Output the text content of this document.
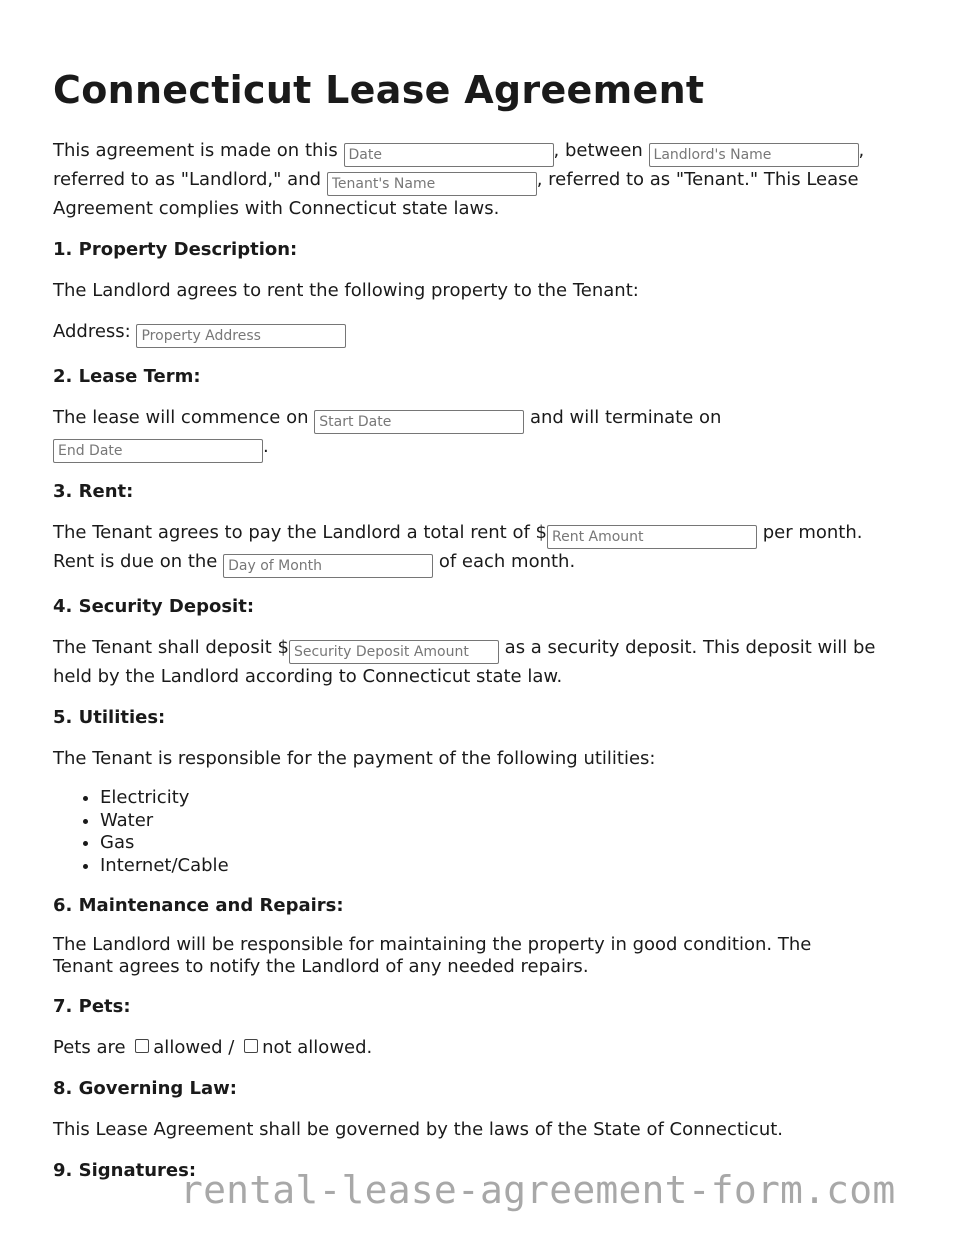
Connecticut Lease Agreement

This agreement is made on this Date	, between Landlord's Name	,
referred to as "Landlord," and Tenant's Name	, referred to as "Tenant." This Lease
Agreement complies with Connecticut state laws.

1. Property Description:

The Landlord agrees to rent the following property to the Tenant:

Address: Property Address

2. Lease Term:

The lease will commence on Start Date	and will terminate on
End Date.

3. Rent:

The Tenant agrees to pay the Landlord a total rent of $Rent Amount	per month.
Rent is due on the Day of Month	of each month.

4. Security Deposit:

The Tenant shall deposit $Security Deposit Amount	as a security deposit. This deposit will be
held by the Landlord according to Connecticut state law.

5. Utilities:

The Tenant is responsible for the payment of the following utilities:

• Electricity
• Water
• Gas
• Internet/Cable
6. Maintenance and Repairs:

The Landlord will be responsible for maintaining the property in good condition. The
Tenant agrees to notify the Landlord of any needed repairs.

7. Pets:

Pets are allowed / not allowed.

8. Governing Law:

This Lease Agreement shall be governed by the laws of the State of Connecticut.

9. Signatures:
rental-lease-agreement-form.com
